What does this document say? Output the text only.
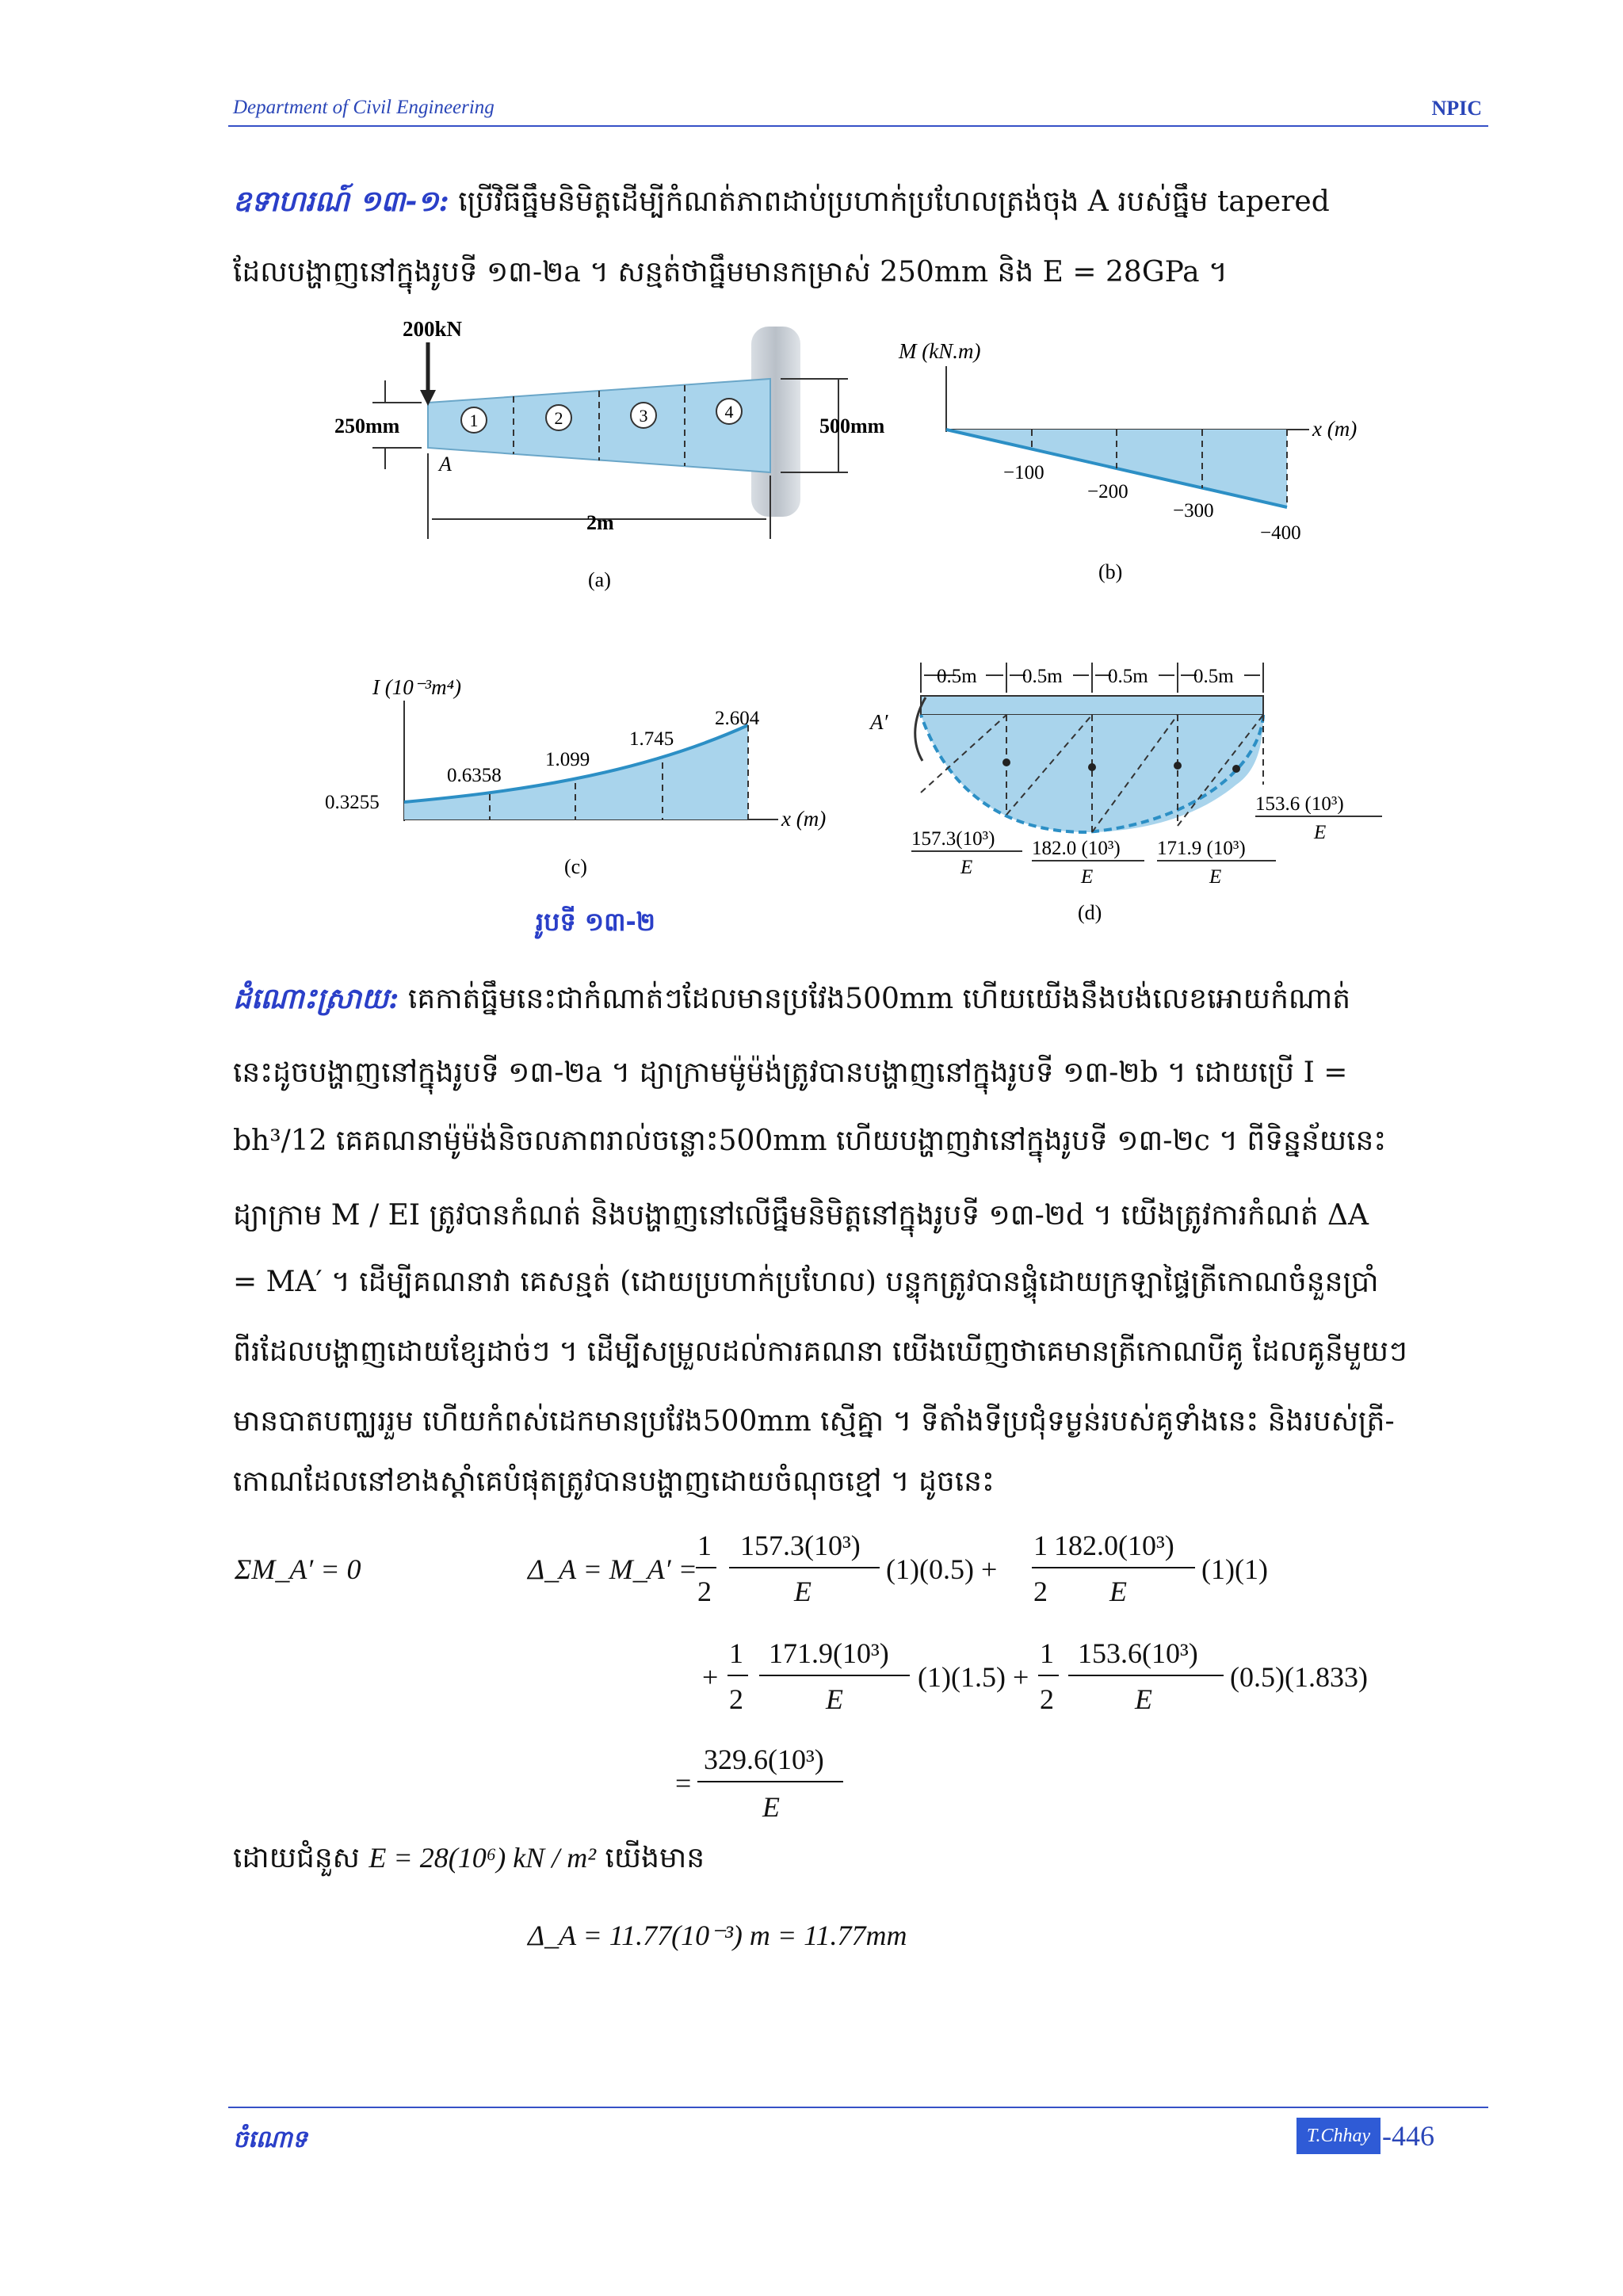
Department of Civil Engineering	NPIC
ឧទាហរណ៍ ១៣-១: ប្រើវិធីធ្នឹមនិមិត្តដើម្បីកំណត់ភាពដាប់ប្រហាក់ប្រហែលត្រង់ចុង A របស់ធ្នឹម tapered
ដែលបង្ហាញនៅក្នុងរូបទី ១៣-២a ។ សន្មត់ថាធ្នឹមមានកម្រាស់ 250mm និង E = 28GPa ។
1	2	3	4
200kN
250mm	500mm
A
2m
(a)
M (kN.m)
x (m)
−100
−200
−300
−400
(b)
I (10⁻³m⁴)
x (m)
0.3255
0.6358
1.099
1.745
2.604
(c)
0.5m 0.5m 0.5m 0.5m
A′
157.3(10³)
E
182.0 (10³)
E
171.9 (10³)
E
153.6 (10³)
E
(d)
រូបទី ១៣-២
ដំណោះស្រាយ: គេកាត់ធ្នឹមនេះជាកំណាត់ៗដែលមានប្រវែង500mm ហើយយើងនឹងបង់លេខអោយកំណាត់
នេះដូចបង្ហាញនៅក្នុងរូបទី ១៣-២a ។ ដ្យាក្រាមម៉ូម៉ង់ត្រូវបានបង្ហាញនៅក្នុងរូបទី ១៣-២b ។ ដោយប្រើ I =
bh³/12 គេគណនាម៉ូម៉ង់និចលភាពរាល់ចន្លោះ500mm ហើយបង្ហាញវានៅក្នុងរូបទី ១៣-២c ។ ពីទិន្នន័យនេះ
ដ្យាក្រាម M / EI ត្រូវបានកំណត់ និងបង្ហាញនៅលើធ្នឹមនិមិត្តនៅក្នុងរូបទី ១៣-២d ។ យើងត្រូវការកំណត់ ΔA
= MA′ ។ ដើម្បីគណនាវា គេសន្មត់ (ដោយប្រហាក់ប្រហែល) បន្ទុកត្រូវបានផ្ទុំដោយក្រឡាផ្ទៃត្រីកោណចំនួនប្រាំ
ពីរដែលបង្ហាញដោយខ្សែដាច់ៗ ។ ដើម្បីសម្រួលដល់ការគណនា យើងឃើញថាគេមានត្រីកោណបីគូ ដែលគូនីមួយៗ
មានបាតបញ្ឈររួម ហើយកំពស់ដេកមានប្រវែង500mm ស្មើគ្នា ។ ទីតាំងទីប្រជុំទម្ងន់របស់គូទាំងនេះ និងរបស់ត្រី-
កោណដែលនៅខាងស្តាំគេបំផុតត្រូវបានបង្ហាញដោយចំណុចខ្មៅ ។ ដូចនេះ
ΣM_A′ = 0	Δ_A = M_A′ =
1
2
157.3(10³)
E
(1)(0.5) +
1
2
182.0(10³)
E
(1)(1)
+
1
2
171.9(10³)
E
(1)(1.5) +
1
2
153.6(10³)
E
(0.5)(1.833)
=
329.6(10³)
E
ដោយជំនួស E = 28(10⁶) kN / m² យើងមាន
Δ_A = 11.77(10⁻³) m = 11.77mm
ចំណោទ	T.Chhay -446
